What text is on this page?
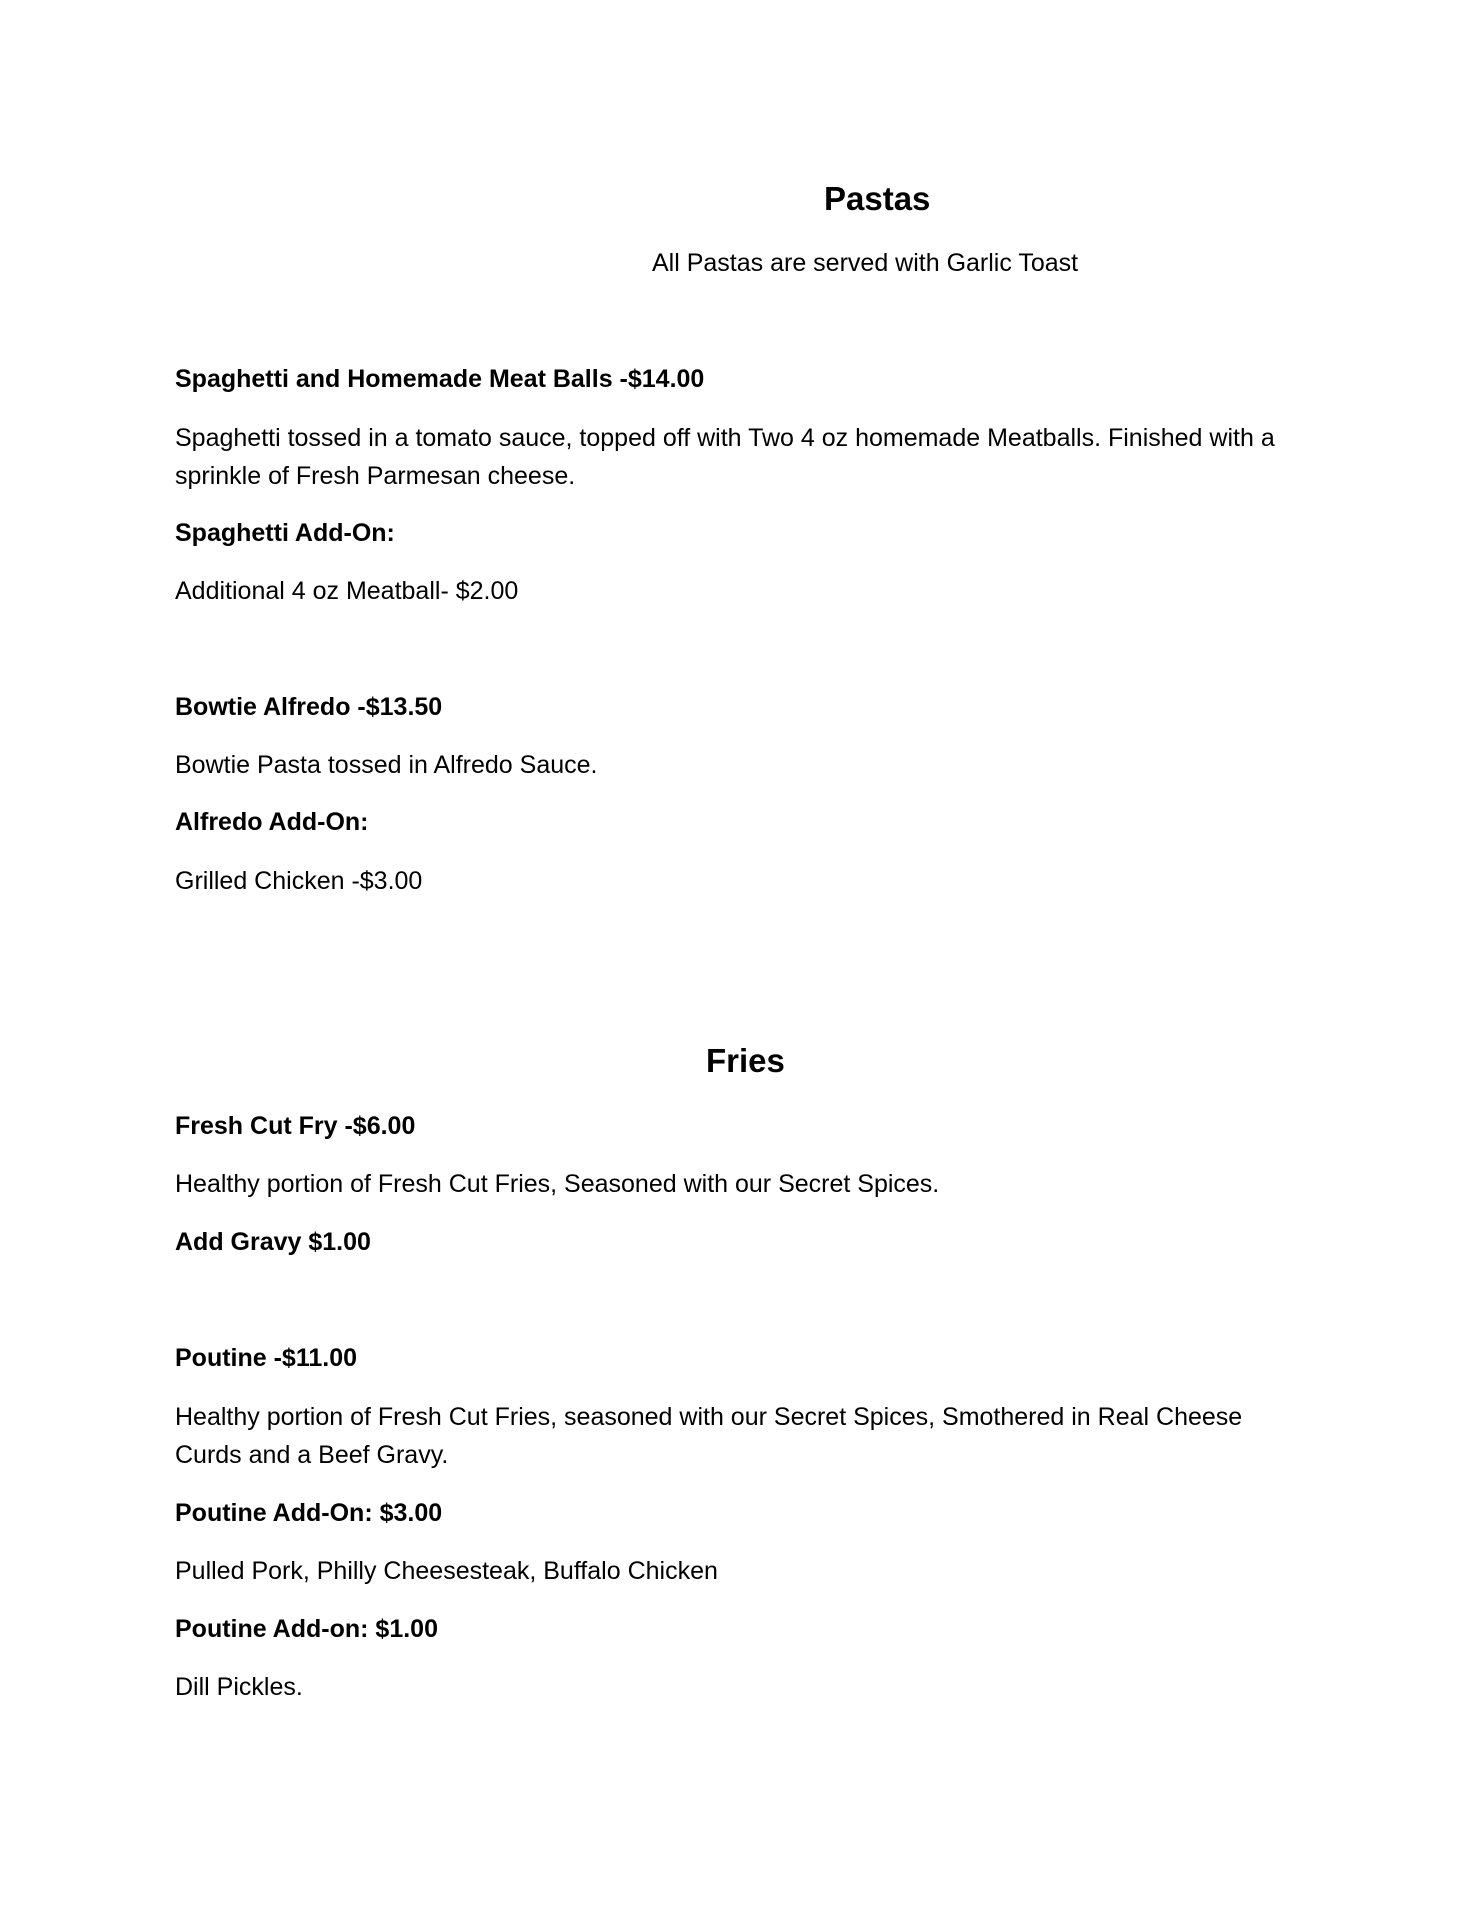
Pastas

All Pastas are served with Garlic Toast

Spaghetti and Homemade Meat Balls -$14.00

Spaghetti tossed in a tomato sauce, topped off with Two 4 oz homemade Meatballs. Finished with a sprinkle of Fresh Parmesan cheese.

Spaghetti Add-On:

Additional 4 oz Meatball- $2.00

Bowtie Alfredo -$13.50

Bowtie Pasta tossed in Alfredo Sauce.

Alfredo Add-On:

Grilled Chicken -$3.00

Fries

Fresh Cut Fry -$6.00

Healthy portion of Fresh Cut Fries, Seasoned with our Secret Spices.

Add Gravy $1.00

Poutine -$11.00

Healthy portion of Fresh Cut Fries, seasoned with our Secret Spices, Smothered in Real Cheese Curds and a Beef Gravy.

Poutine Add-On: $3.00

Pulled Pork, Philly Cheesesteak, Buffalo Chicken

Poutine Add-on: $1.00

Dill Pickles.
